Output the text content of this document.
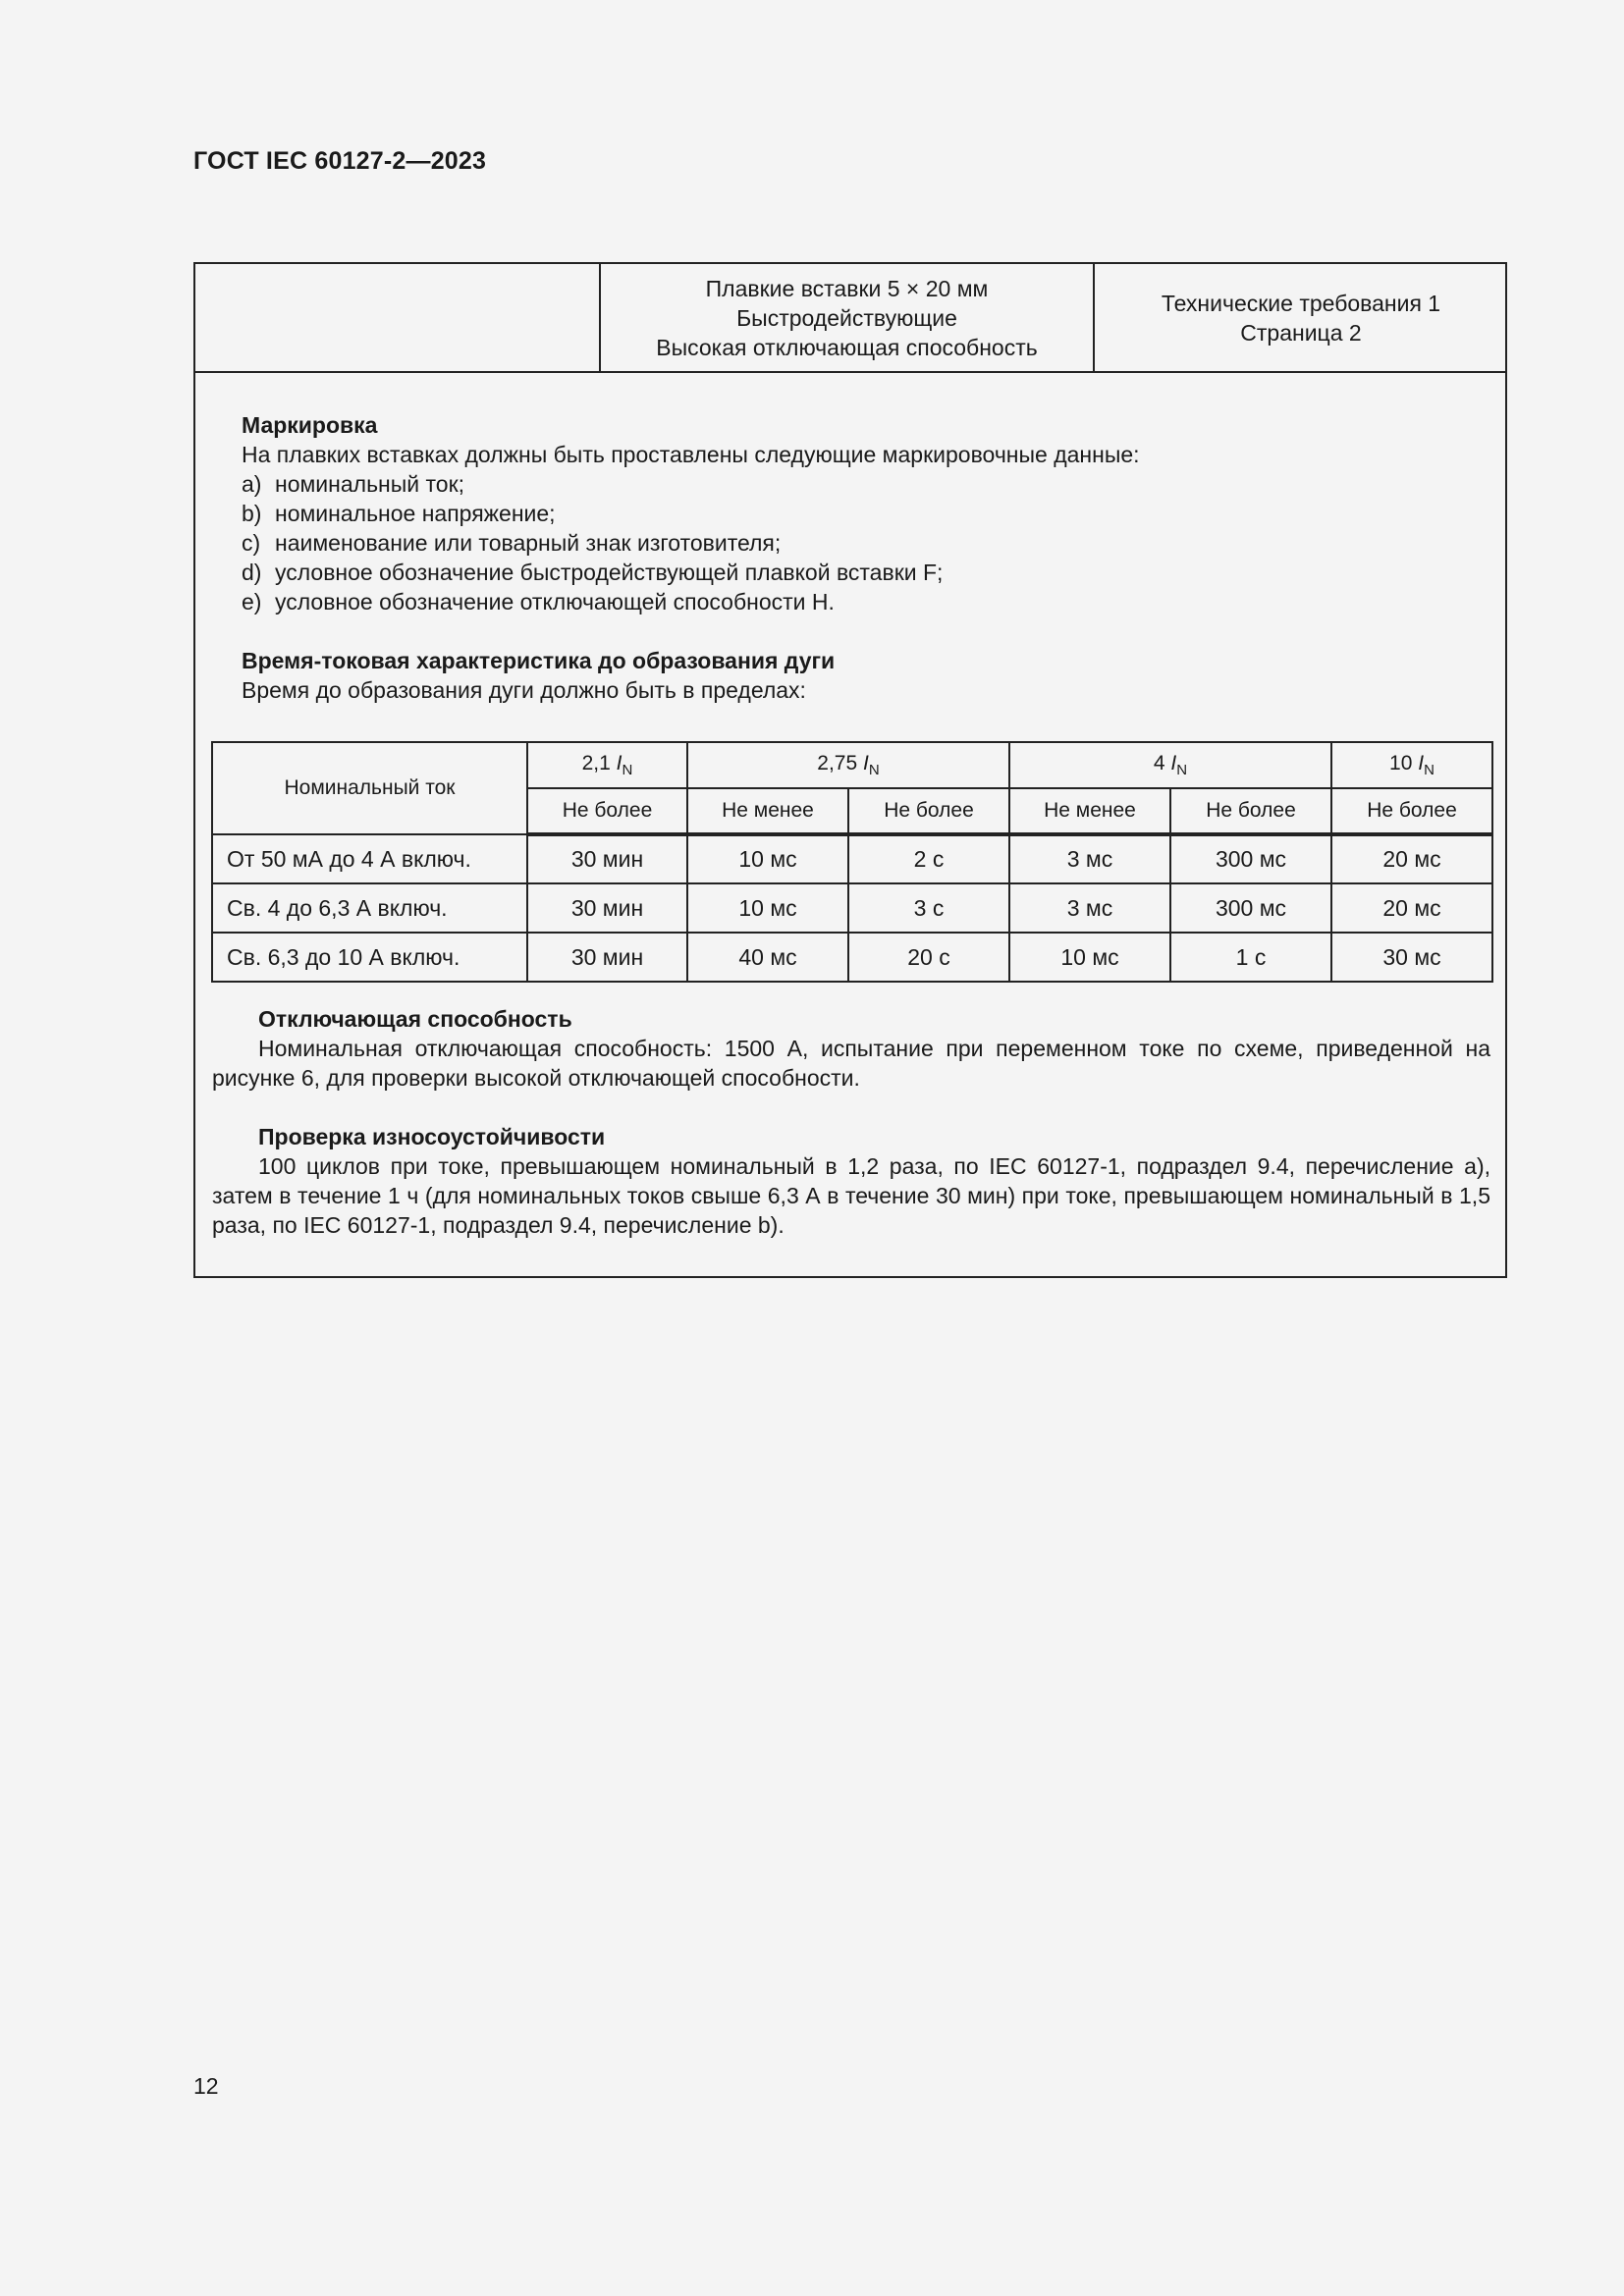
ГОСТ IEC 60127-2—2023
Плавкие вставки 5 × 20 мм
Быстродействующие
Высокая отключающая способность
Технические требования 1
Страница 2
Маркировка
На плавких вставках должны быть проставлены следующие маркировочные данные:
a) номинальный ток;
b) номинальное напряжение;
c) наименование или товарный знак изготовителя;
d) условное обозначение быстродействующей плавкой вставки F;
e) условное обозначение отключающей способности H.
Время-токовая характеристика до образования дуги
Время до образования дуги должно быть в пределах:
Номинальный ток	2,1 $I_N$	2,75 $I_N$		4 $I_N$		10 $I_N$
	Не более	Не менее	Не более	Не менее	Не более	Не более
От 50 мА до 4 А включ.	30 мин	10 мс	2 с	3 мс	300 мс	20 мс
Св. 4 до 6,3 А включ.	30 мин	10 мс	3 с	3 мс	300 мс	20 мс
Св. 6,3 до 10 А включ.	30 мин	40 мс	20 с	10 мс	1 с	30 мс
Отключающая способность
Номинальная отключающая способность: 1500 А, испытание при переменном токе по схеме, приведенной на рисунке 6, для проверки высокой отключающей способности.
Проверка износоустойчивости
100 циклов при токе, превышающем номинальный в 1,2 раза, по IEC 60127-1, подраздел 9.4, перечисление a), затем в течение 1 ч (для номинальных токов свыше 6,3 А в течение 30 мин) при токе, превышающем номинальный в 1,5 раза, по IEC 60127-1, подраздел 9.4, перечисление b).
12
